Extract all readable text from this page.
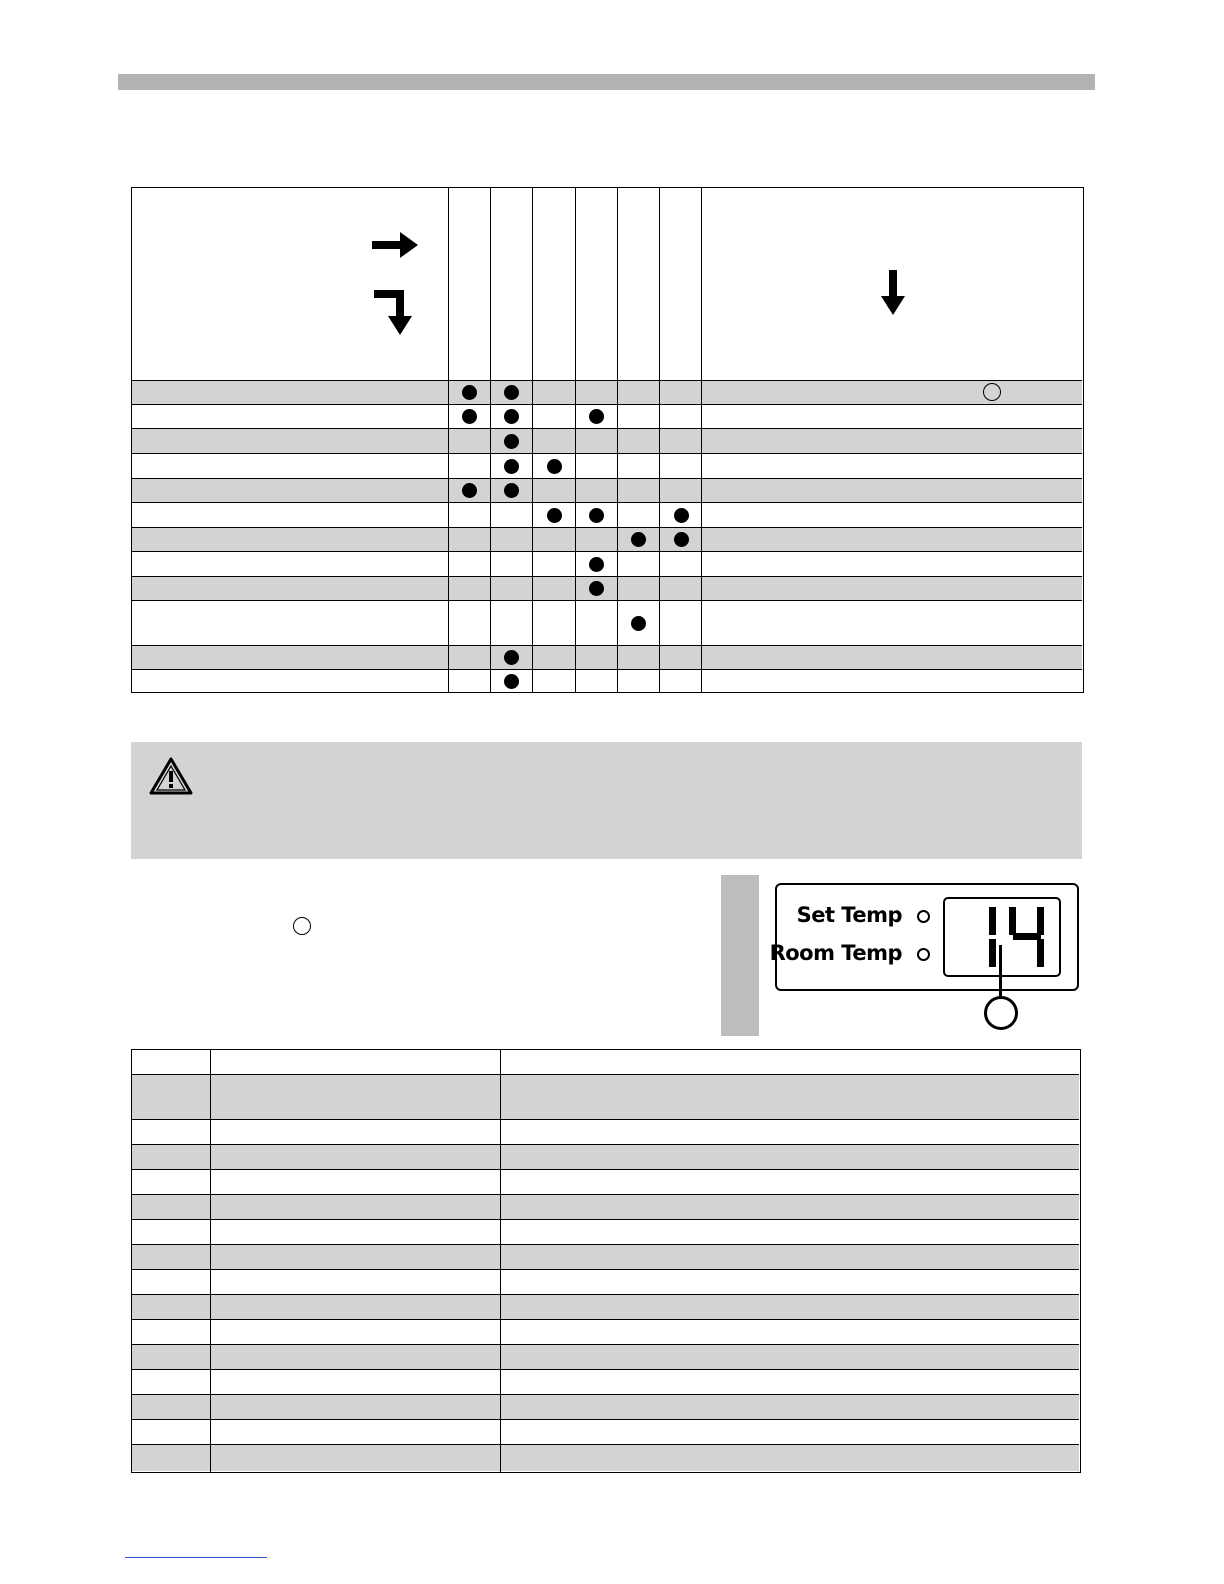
Set Temp
Room Temp
